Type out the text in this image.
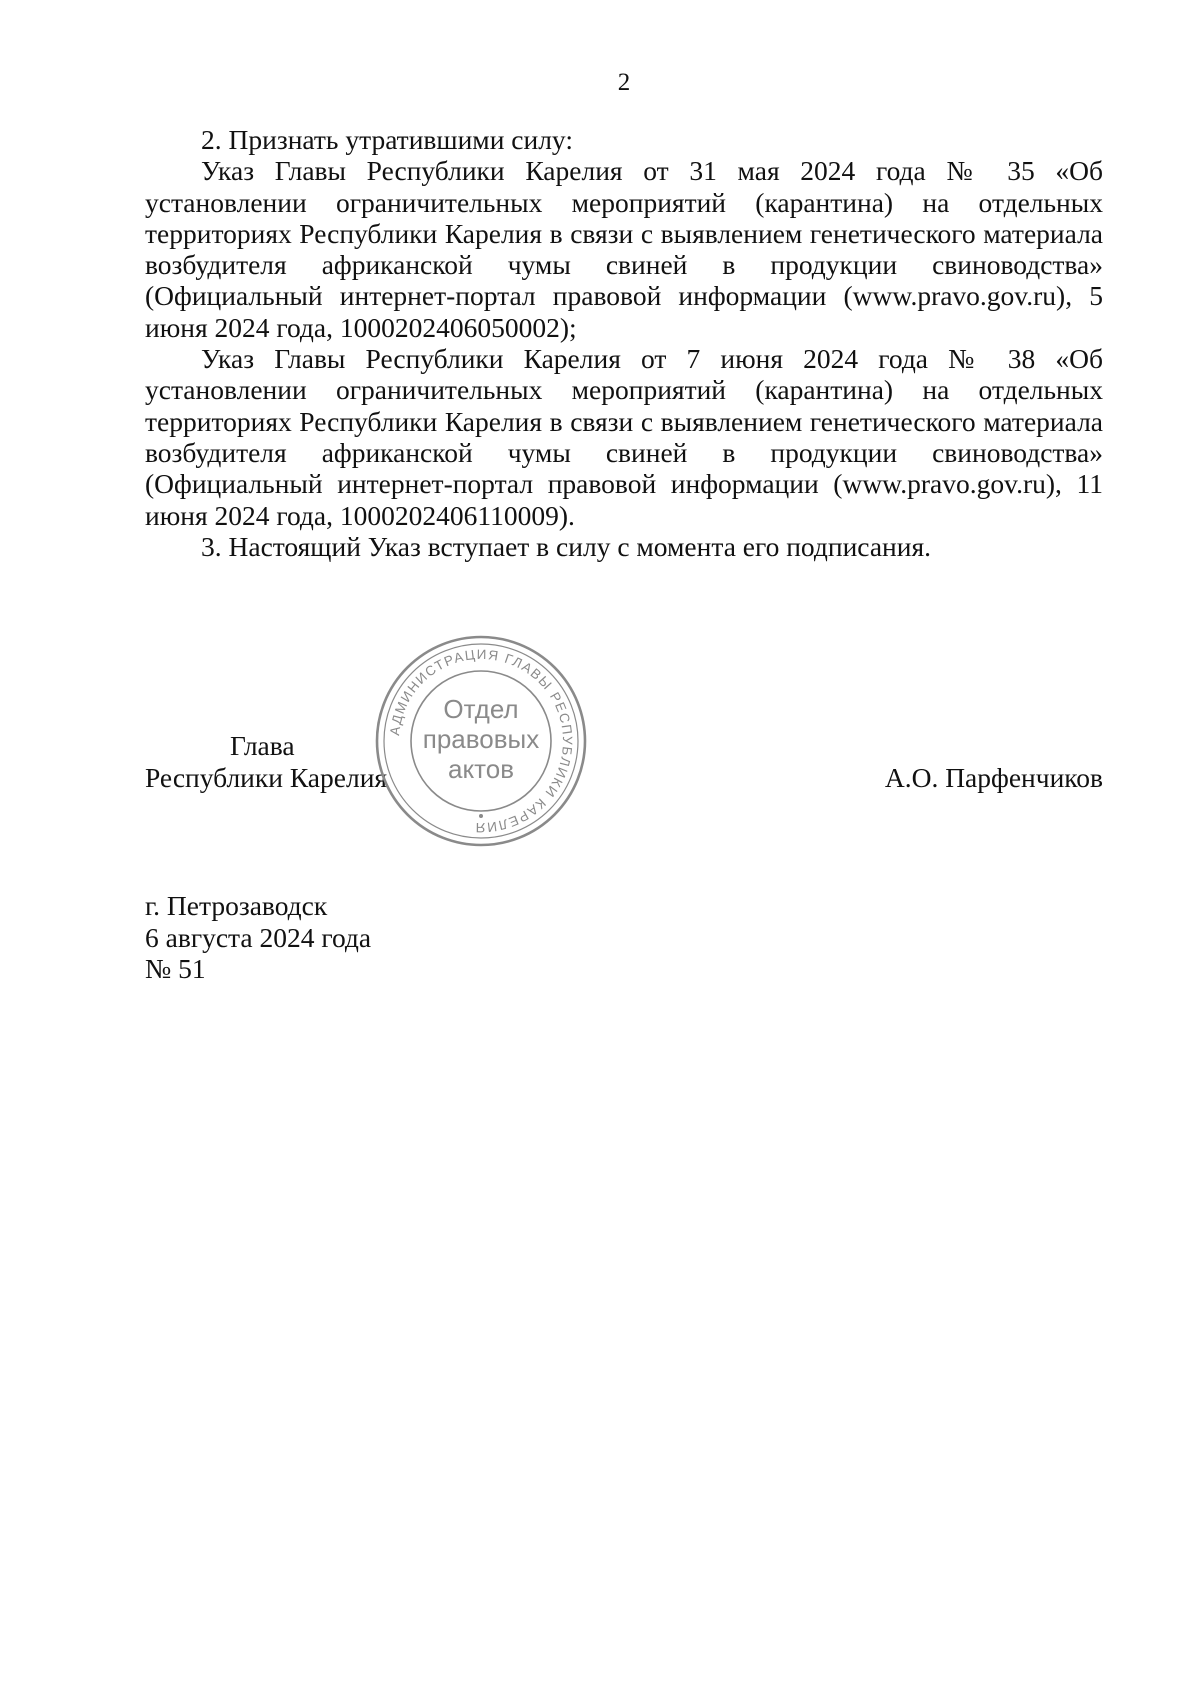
2

2. Признать утратившими силу:

Указ Главы Республики Карелия от 31 мая 2024 года № 35 «Об установлении ограничительных мероприятий (карантина) на отдельных территориях Республики Карелия в связи с выявлением генетического материала возбудителя африканской чумы свиней в продукции свиноводства» (Официальный интернет-портал правовой информации (www.pravo.gov.ru), 5 июня 2024 года, 1000202406050002);

Указ Главы Республики Карелия от 7 июня 2024 года № 38 «Об установлении ограничительных мероприятий (карантина) на отдельных территориях Республики Карелия в связи с выявлением генетического материала возбудителя африканской чумы свиней в продукции свиноводства» (Официальный интернет-портал правовой информации (www.pravo.gov.ru), 11 июня 2024 года, 1000202406110009).

3. Настоящий Указ вступает в силу с момента его подписания.

Глава
Республики Карелия	А.О. Парфенчиков
АДМИНИСТРАЦИЯ ГЛАВЫ РЕСПУБЛИКИ КАРЕЛИЯ
Отдел
правовых
актов
г. Петрозаводск
6 августа 2024 года
№ 51
